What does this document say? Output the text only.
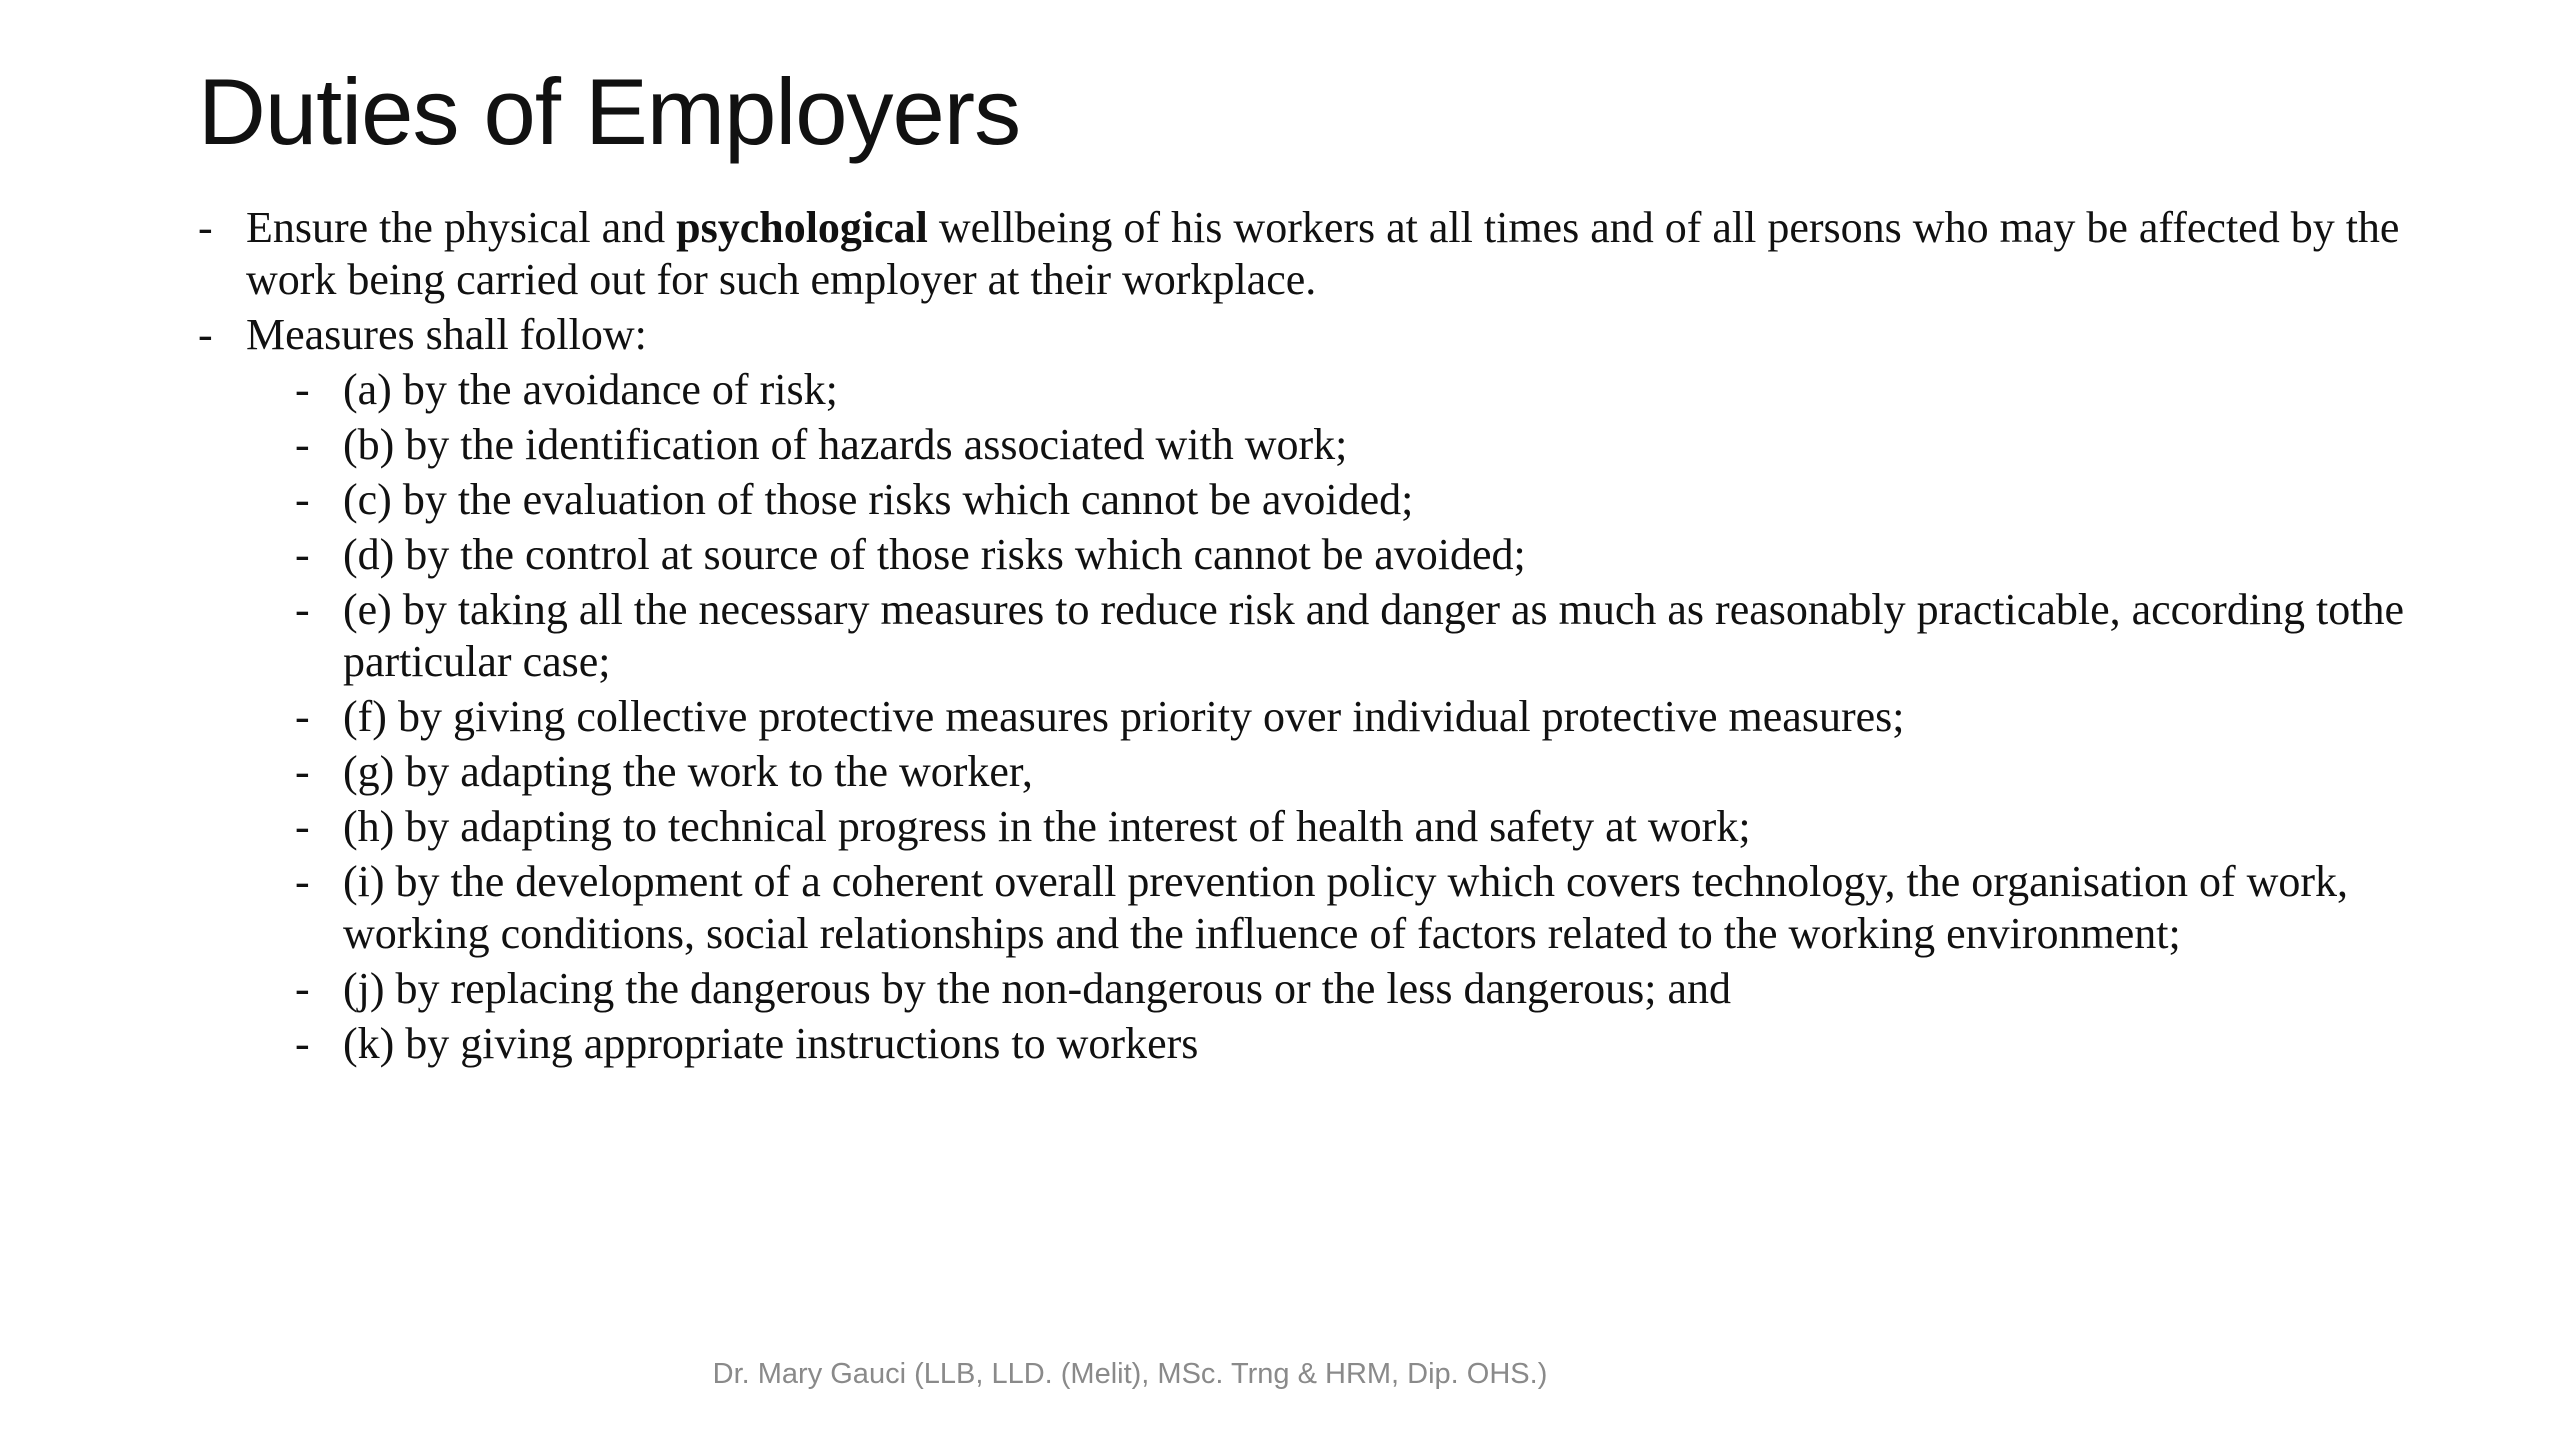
Duties of Employers
- Ensure the physical and psychological wellbeing of his workers at all times and of all persons who may be affected by the work being carried out for such employer at their workplace.
- Measures shall follow:
- (a) by the avoidance of risk;
- (b) by the identification of hazards associated with work;
- (c) by the evaluation of those risks which cannot be avoided;
- (d) by the control at source of those risks which cannot be avoided;
- (e) by taking all the necessary measures to reduce risk and danger as much as reasonably practicable, according tothe particular case;
- (f) by giving collective protective measures priority over individual protective measures;
- (g) by adapting the work to the worker,
- (h) by adapting to technical progress in the interest of health and safety at work;
- (i) by the development of a coherent overall prevention policy which covers technology, the organisation of work, working conditions, social relationships and the influence of factors related to the working environment;
- (j) by replacing the dangerous by the non-dangerous or the less dangerous; and
- (k) by giving appropriate instructions to workers
Dr. Mary Gauci (LLB, LLD. (Melit), MSc. Trng & HRM, Dip. OHS.)
